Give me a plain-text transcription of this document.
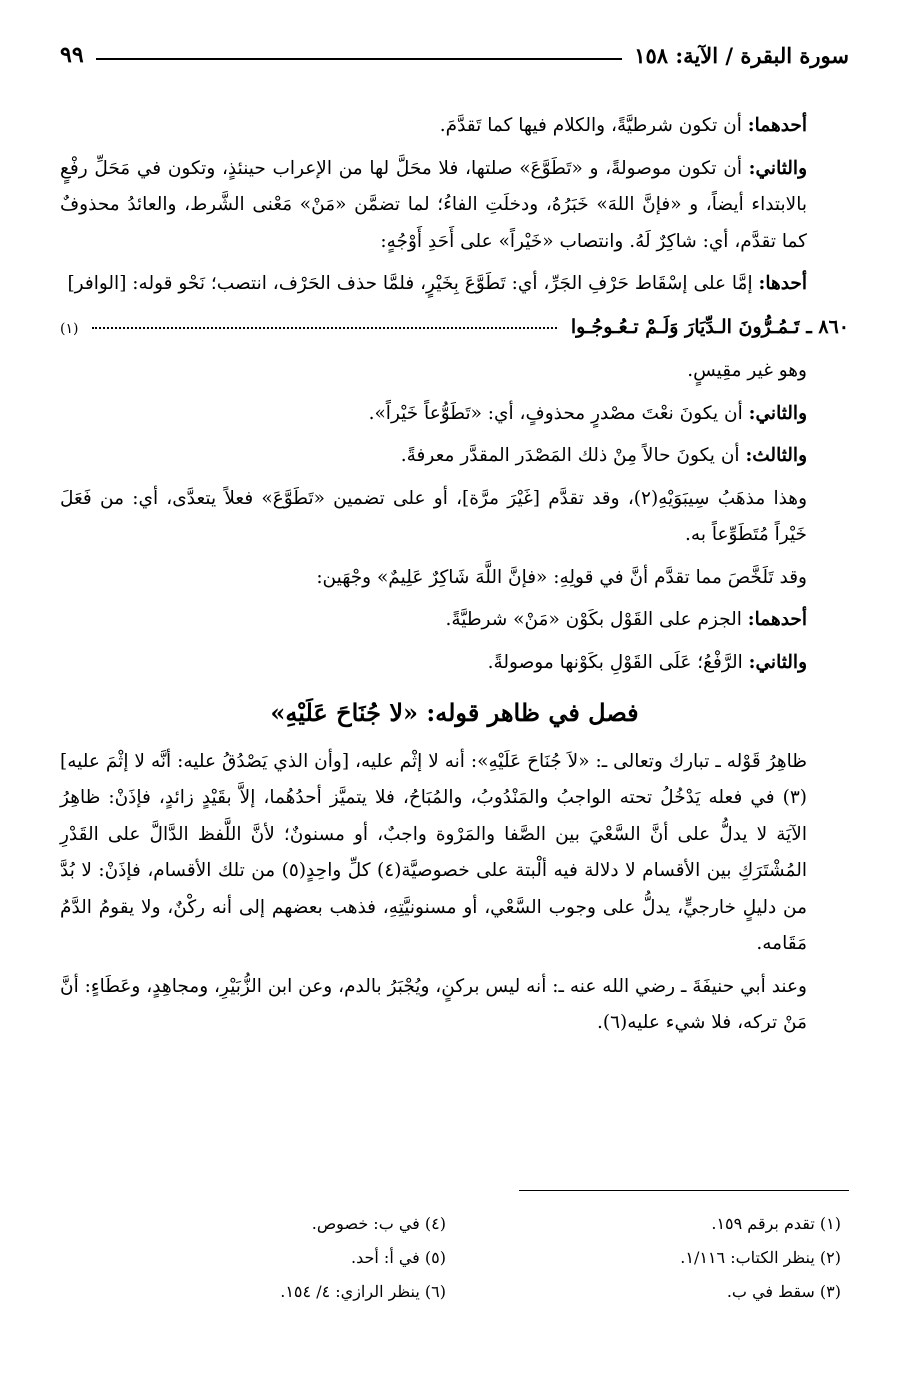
سورة البقرة / الآية: ١٥٨
٩٩

أحدهما: أن تكون شرطيَّةً، والكلام فيها كما تَقدَّمَ.

والثاني: أن تكون موصولةً، و «تَطَوَّعَ» صلتها، فلا محَلَّ لها من الإعراب حينئذٍ، وتكون في مَحَلِّ رفْعٍ بالابتداء أيضاً، و «فإنَّ اللهَ» خَبَرُهُ، ودخلَتِ الفاءُ؛ لما تضمَّن «مَنْ» مَعْنى الشَّرط، والعائدُ محذوفٌ كما تقدَّم، أي: شاكِرٌ لَهُ. وانتصاب «خَيْراً» على أَحَدِ أَوْجُهٍ:

أحدها: إمَّا على إسْقَاط حَرْفِ الجَرِّ، أي: تَطَوَّعَ بِخَيْرٍ، فلمَّا حذف الحَرْف، انتصب؛ نَحْو قوله: [الوافر]

٨٦٠ ـ

تَـمُـرُّونَ الـدِّيَارَ وَلَـمْ تـعُـوجُـوا
(١)

وهو غير مقِيسٍ.

والثاني: أن يكونَ نعْتَ مصْدرٍ محذوفٍ، أي: «تَطَوُّعاً خَيْراً».

والثالث: أن يكونَ حالاً مِنْ ذلك المَصْدَر المقدَّر معرفةً.

وهذا مذهَبُ سِيبَوَيْهِ(٢)، وقد تقدَّم [غَيْرَ مرَّة]، أو على تضمين «تَطَوَّعَ» فعلاً يتعدَّى، أي: من فَعَلَ خَيْراً مُتَطَوِّعاً به.

وقد تَلَخَّصَ مما تقدَّم أنَّ في قولِهِ: «فإنَّ اللَّهَ شَاكِرٌ عَلِيمٌ» وجْهَين:

أحدهما: الجزم على القَوْل بكَوْن «مَنْ» شرطيَّةً.

والثاني: الرَّفْعُ؛ عَلَى القَوْلِ بكَوْنها موصولةً.

فصل في ظاهر قوله: «لا جُنَاحَ عَلَيْهِ»

ظاهِرُ قَوْله ـ تبارك وتعالى ـ: «لاَ جُنَاحَ عَلَيْهِ»: أنه لا إثْم عليه، [وأن الذي يَصْدُقُ عليه: أنَّه لا إثْمَ عليه](٣) في فعله يَدْخُلُ تحته الواجبُ والمَنْدُوبُ، والمُبَاحُ، فلا يتميَّز أحدُهُما، إلاَّ بقَيْدٍ زائدٍ، فإذَنْ: ظاهِرُ الآيَة لا يدلُّ على أنَّ السَّعْيَ بين الصَّفا والمَرْوة واجبٌ، أو مسنونٌ؛ لأنَّ اللَّفظ الدَّالَّ على القَدْرِ المُشْتَرَكِ بين الأقسام لا دلالة فيه ألْبتة على خصوصيَّة(٤) كلِّ واحِدٍ(٥) من تلك الأقسام، فإذَنْ: لا بُدَّ من دليلٍ خارجيٍّ، يدلُّ على وجوب السَّعْي، أو مسنونيَّتِهِ، فذهب بعضهم إلى أنه ركْنٌ، ولا يقومُ الدَّمُ مَقَامه.

وعند أبي حنيفَةَ ـ رضي الله عنه ـ: أنه ليس بركنٍ، ويُجْبَرُ بالدم، وعن ابن الزُّبَيْرِ، ومجاهِدٍ، وعَطَاءٍ: أنَّ مَنْ تركه، فلا شيء عليه(٦).

(١) تقدم برقم ١٥٩.
(٤) في ب: خصوص.
(٢) ينظر الكتاب: ١/١١٦.
(٥) في أ: أحد.
(٣) سقط في ب.
(٦) ينظر الرازي: ٤/ ١٥٤.
